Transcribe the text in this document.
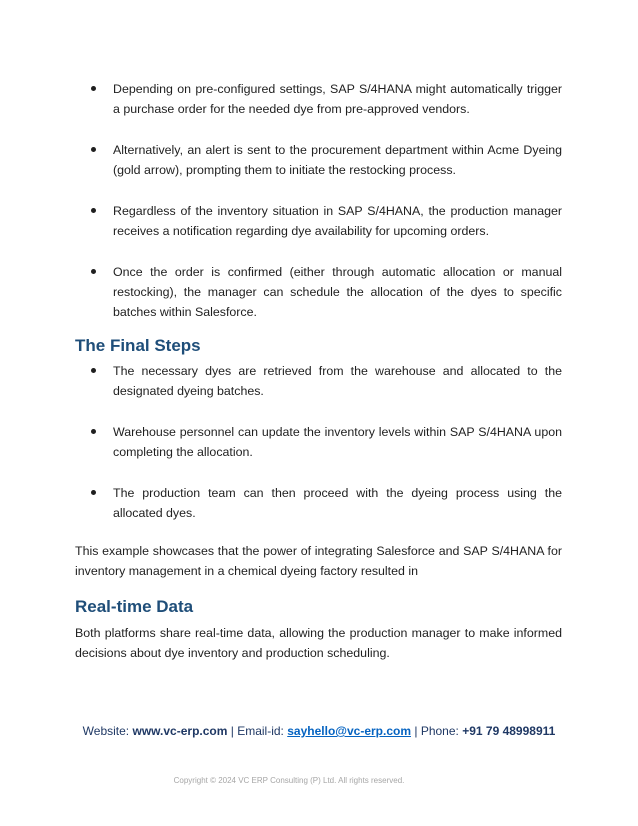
Depending on pre-configured settings, SAP S/4HANA might automatically trigger a purchase order for the needed dye from pre-approved vendors.
Alternatively, an alert is sent to the procurement department within Acme Dyeing (gold arrow), prompting them to initiate the restocking process.
Regardless of the inventory situation in SAP S/4HANA, the production manager receives a notification regarding dye availability for upcoming orders.
Once the order is confirmed (either through automatic allocation or manual restocking), the manager can schedule the allocation of the dyes to specific batches within Salesforce.
The Final Steps
The necessary dyes are retrieved from the warehouse and allocated to the designated dyeing batches.
Warehouse personnel can update the inventory levels within SAP S/4HANA upon completing the allocation.
The production team can then proceed with the dyeing process using the allocated dyes.

This example showcases that the power of integrating Salesforce and SAP S/4HANA for inventory management in a chemical dyeing factory resulted in

Real-time Data

Both platforms share real-time data, allowing the production manager to make informed decisions about dye inventory and production scheduling.

Website: www.vc-erp.com | Email-id: sayhello@vc-erp.com | Phone: +91 79 48998911
Copyright © 2024 VC ERP Consulting (P) Ltd. All rights reserved.
